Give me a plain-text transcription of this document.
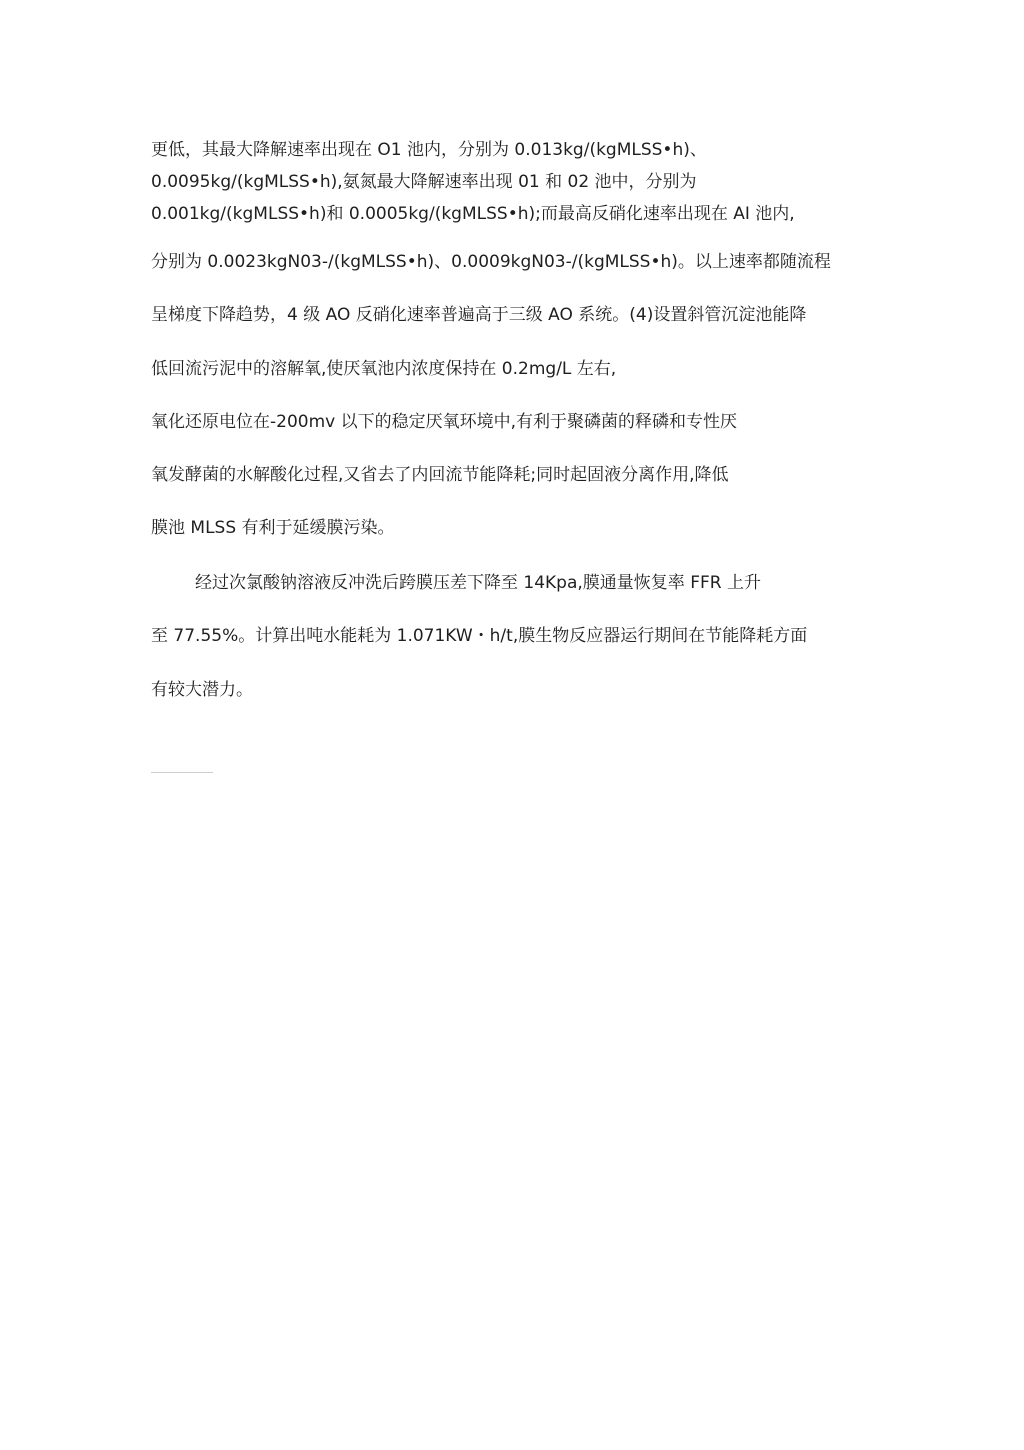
更低，其最大降解速率出现在 O1 池内，分别为 0.013kg/(kgMLSS•h)、
0.0095kg/(kgMLSS•h),氨氮最大降解速率出现 01 和 02 池中，分别为
0.001kg/(kgMLSS•h)和 0.0005kg/(kgMLSS•h);而最高反硝化速率出现在 AI 池内,
分别为 0.0023kgN03-/(kgMLSS•h)、0.0009kgN03-/(kgMLSS•h)。以上速率都随流程
呈梯度下降趋势，4 级 AO 反硝化速率普遍高于三级 AO 系统。(4)设置斜管沉淀池能降
低回流污泥中的溶解氧,使厌氧池内浓度保持在 0.2mg/L 左右,
氧化还原电位在-200mv 以下的稳定厌氧环境中,有利于聚磷菌的释磷和专性厌
氧发酵菌的水解酸化过程,又省去了内回流节能降耗;同时起固液分离作用,降低
膜池 MLSS 有利于延缓膜污染。
经过次氯酸钠溶液反冲洗后跨膜压差下降至 14Kpa,膜通量恢复率 FFR 上升
至 77.55%。计算出吨水能耗为 1.071KW・h/t,膜生物反应器运行期间在节能降耗方面
有较大潜力。
